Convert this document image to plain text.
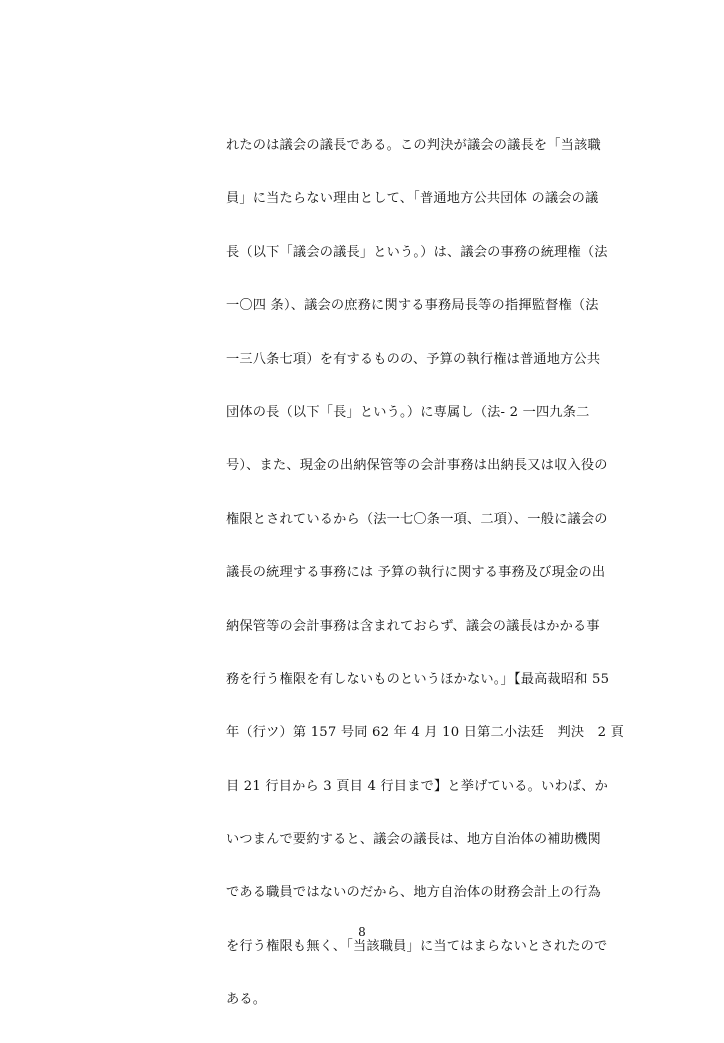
れたのは議会の議長である。この判決が議会の議長を「当該職
員」に当たらない理由として、「普通地方公共団体 の議会の議
長（以下「議会の議長」という。）は、議会の事務の統理権（法
一〇四 条）、議会の庶務に関する事務局長等の指揮監督権（法
一三八条七項）を有するものの、予算の執行権は普通地方公共
団体の長（以下「長」という。）に専属し（法- 2 一四九条二
号）、また、現金の出納保管等の会計事務は出納長又は収入役の
権限とされているから（法一七〇条一項、二項）、一般に議会の
議長の統理する事務には 予算の執行に関する事務及び現金の出
納保管等の会計事務は含まれておらず、議会の議長はかかる事
務を行う権限を有しないものというほかない。」【最高裁昭和 55
年（行ツ）第 157 号同 62 年 4 月 10 日第二小法廷　判決　2 頁
目 21 行目から 3 頁目 4 行目まで】と挙げている。いわば、か
いつまんで要約すると、議会の議長は、地方自治体の補助機関
である職員ではないのだから、地方自治体の財務会計上の行為
を行う権限も無く、「当該職員」に当てはまらないとされたので
ある。
8
